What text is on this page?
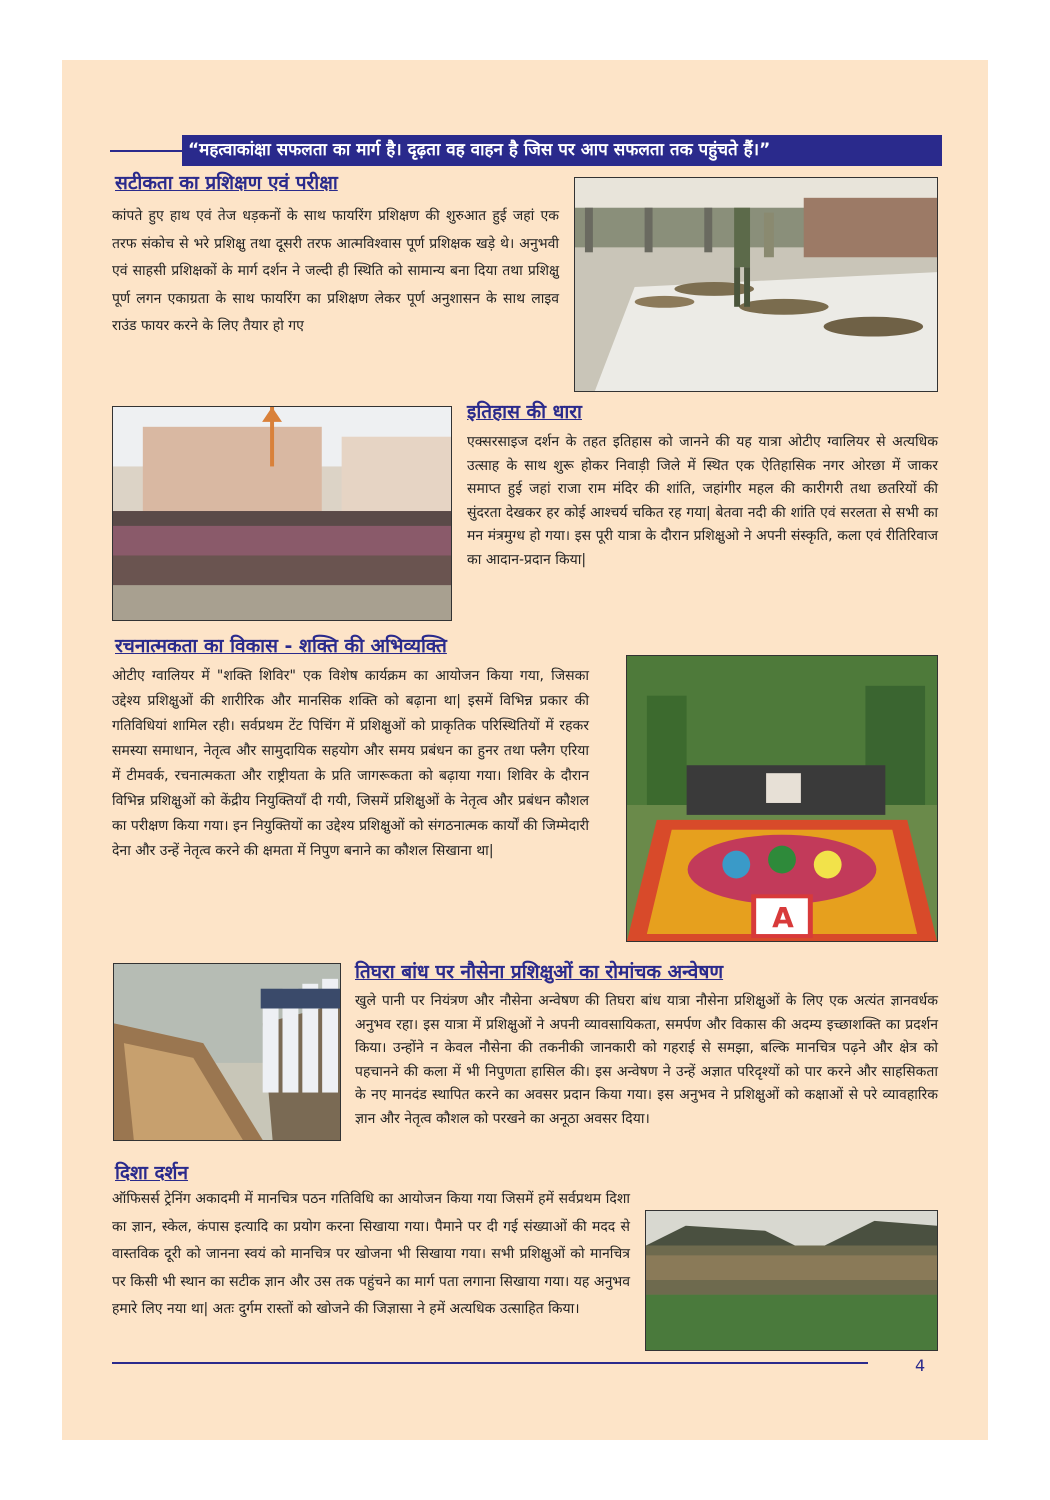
“महत्वाकांक्षा सफलता का मार्ग है। दृढ़ता वह वाहन है जिस पर आप सफलता तक पहुंचते हैं।”
सटीकता का प्रशिक्षण एवं परीक्षा

कांपते हुए हाथ एवं तेज धड़कनों के साथ फायरिंग प्रशिक्षण की शुरुआत हुई जहां एक तरफ संकोच से भरे प्रशिक्षु तथा दूसरी तरफ आत्मविश्वास पूर्ण प्रशिक्षक खड़े थे। अनुभवी एवं साहसी प्रशिक्षकों के मार्ग दर्शन ने जल्दी ही स्थिति को सामान्य बना दिया तथा प्रशिक्षु पूर्ण लगन एकाग्रता के साथ फायरिंग का प्रशिक्षण लेकर पूर्ण अनुशासन के साथ लाइव राउंड फायर करने के लिए तैयार हो गए

इतिहास की धारा

एक्सरसाइज दर्शन के तहत इतिहास को जानने की यह यात्रा ओटीए ग्वालियर से अत्यधिक उत्साह के साथ शुरू होकर निवाड़ी जिले में स्थित एक ऐतिहासिक नगर ओरछा में जाकर समाप्त हुई जहां राजा राम मंदिर की शांति, जहांगीर महल की कारीगरी तथा छतरियों की सुंदरता देखकर हर कोई आश्चर्य चकित रह गया| बेतवा नदी की शांति एवं सरलता से सभी का मन मंत्रमुग्ध हो गया। इस पूरी यात्रा के दौरान प्रशिक्षुओ ने अपनी संस्कृति, कला एवं रीतिरिवाज का आदान-प्रदान किया|

रचनात्मकता का विकास - शक्ति की अभिव्यक्ति

ओटीए ग्वालियर में "शक्ति शिविर" एक विशेष कार्यक्रम का आयोजन किया गया, जिसका उद्देश्य प्रशिक्षुओं की शारीरिक और मानसिक शक्ति को बढ़ाना था| इसमें विभिन्न प्रकार की गतिविधियां शामिल रही। सर्वप्रथम टेंट पिचिंग में प्रशिक्षुओं को प्राकृतिक परिस्थितियों में रहकर समस्या समाधान, नेतृत्व और सामुदायिक सहयोग और समय प्रबंधन का हुनर तथा फ्लैग एरिया में टीमवर्क, रचनात्मकता और राष्ट्रीयता के प्रति जागरूकता को बढ़ाया गया। शिविर के दौरान विभिन्न प्रशिक्षुओं को केंद्रीय नियुक्तियाँ दी गयी, जिसमें प्रशिक्षुओं के नेतृत्व और प्रबंधन कौशल का परीक्षण किया गया। इन नियुक्तियों का उद्देश्य प्रशिक्षुओं को संगठनात्मक कार्यों की जिम्मेदारी देना और उन्हें नेतृत्व करने की क्षमता में निपुण बनाने का कौशल सिखाना था|

A
तिघरा बांध पर नौसेना प्रशिक्षुओं का रोमांचक अन्वेषण

खुले पानी पर नियंत्रण और नौसेना अन्वेषण की तिघरा बांध यात्रा नौसेना प्रशिक्षुओं के लिए एक अत्यंत ज्ञानवर्धक अनुभव रहा। इस यात्रा में प्रशिक्षुओं ने अपनी व्यावसायिकता, समर्पण और विकास की अदम्य इच्छाशक्ति का प्रदर्शन किया। उन्होंने न केवल नौसेना की तकनीकी जानकारी को गहराई से समझा, बल्कि मानचित्र पढ़ने और क्षेत्र को पहचानने की कला में भी निपुणता हासिल की। इस अन्वेषण ने उन्हें अज्ञात परिदृश्यों को पार करने और साहसिकता के नए मानदंड स्थापित करने का अवसर प्रदान किया गया। इस अनुभव ने प्रशिक्षुओं को कक्षाओं से परे व्यावहारिक ज्ञान और नेतृत्व कौशल को परखने का अनूठा अवसर दिया।

दिशा दर्शन

ऑफिसर्स ट्रेनिंग अकादमी में मानचित्र पठन गतिविधि का आयोजन किया गया जिसमें हमें सर्वप्रथम दिशा का ज्ञान, स्केल, कंपास इत्यादि का प्रयोग करना सिखाया गया। पैमाने पर दी गई संख्याओं की मदद से वास्तविक दूरी को जानना स्वयं को मानचित्र पर खोजना भी सिखाया गया। सभी प्रशिक्षुओं को मानचित्र पर किसी भी स्थान का सटीक ज्ञान और उस तक पहुंचने का मार्ग पता लगाना सिखाया गया। यह अनुभव हमारे लिए नया था| अतः दुर्गम रास्तों को खोजने की जिज्ञासा ने हमें अत्यधिक उत्साहित किया।

4
